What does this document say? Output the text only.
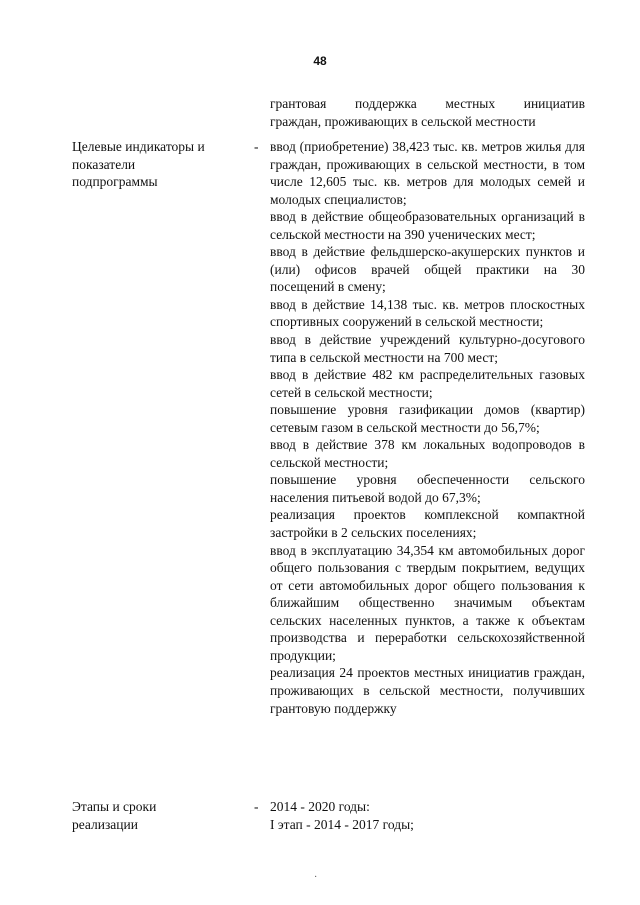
48
грантовая поддержка местных инициатив
граждан, проживающих в сельской местности
Целевые индикаторы и
показатели
подпрограммы
- ввод (приобретение) 38,423 тыс. кв. метров жилья для граждан, проживающих в сельской местности, в том числе 12,605 тыс. кв. метров для молодых семей и молодых специалистов;

ввод в действие общеобразовательных организаций в сельской местности на 390 ученических мест;

ввод в действие фельдшерско-акушерских пунктов и (или) офисов врачей общей практики на 30 посещений в смену;

ввод в действие 14,138 тыс. кв. метров плоскостных спортивных сооружений в сельской местности;

ввод в действие учреждений культурно-досугового типа в сельской местности на 700 мест;

ввод в действие 482 км распределительных газовых сетей в сельской местности;

повышение уровня газификации домов (квартир) сетевым газом в сельской местности до 56,7%;

ввод в действие 378 км локальных водопроводов в сельской местности;

повышение уровня обеспеченности сельского населения питьевой водой до 67,3%;

реализация проектов комплексной компактной застройки в 2 сельских поселениях;

ввод в эксплуатацию 34,354 км автомобильных дорог общего пользования с твердым покрытием, ведущих от сети автомобильных дорог общего пользования к ближайшим общественно значимым объектам сельских населенных пунктов, а также к объектам производства и переработки сельскохозяйственной продукции;

реализация 24 проектов местных инициатив граждан, проживающих в сельской местности, получивших грантовую поддержку

Этапы и сроки
реализации
- 2014 - 2020 годы:
I этап - 2014 - 2017 годы;
·
